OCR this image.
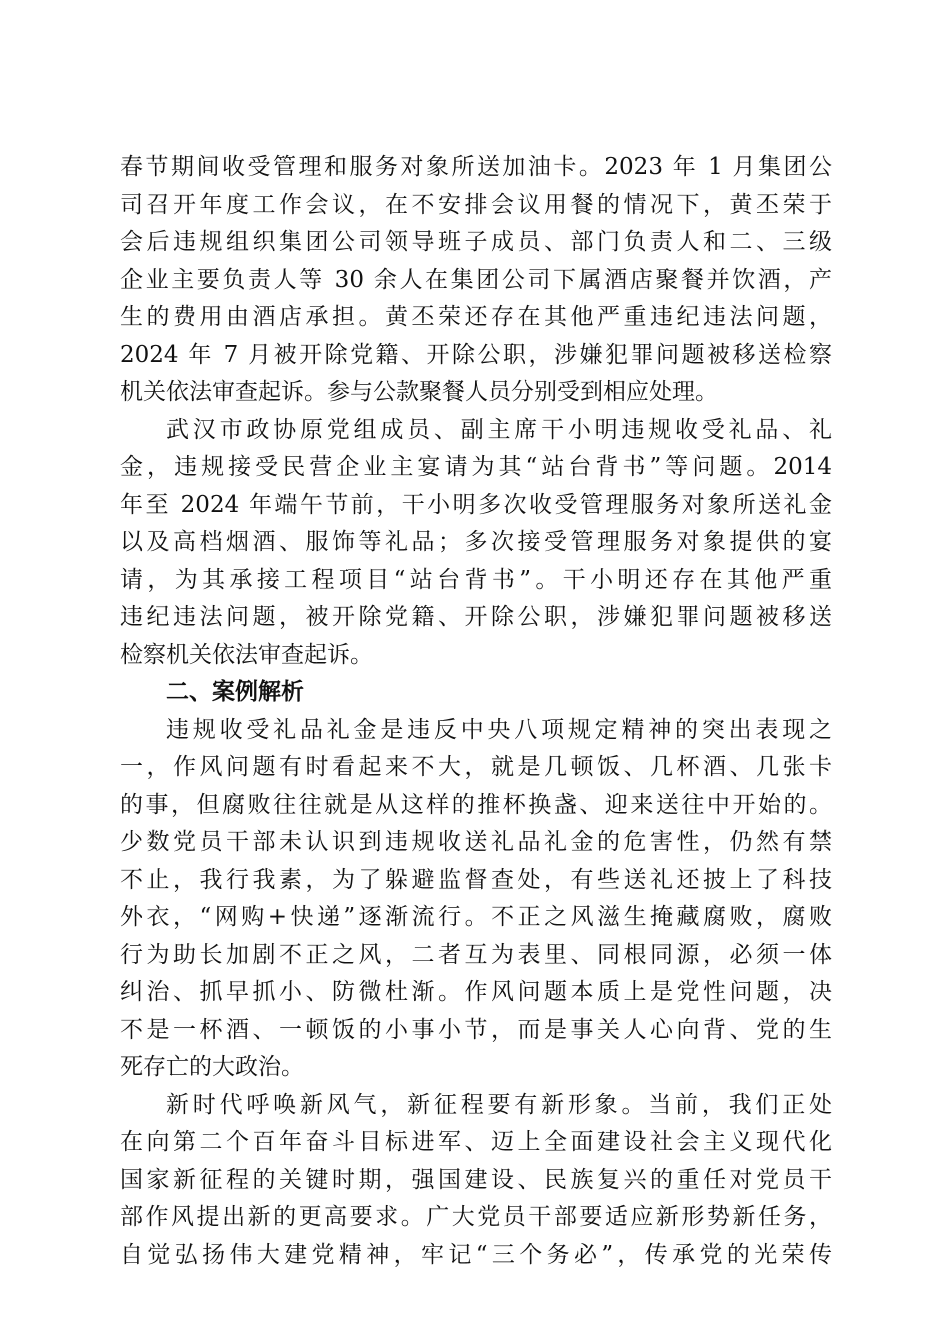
春节期间收受管理和服务对象所送加油卡。2023 年 1 月集团公
司召开年度工作会议，在不安排会议用餐的情况下，黄丕荣于
会后违规组织集团公司领导班子成员、部门负责人和二、三级
企业主要负责人等 30 余人在集团公司下属酒店聚餐并饮酒，产
生的费用由酒店承担。黄丕荣还存在其他严重违纪违法问题，
2024 年 7 月被开除党籍、开除公职，涉嫌犯罪问题被移送检察
机关依法审查起诉。参与公款聚餐人员分别受到相应处理。
武汉市政协原党组成员、副主席干小明违规收受礼品、礼
金，违规接受民营企业主宴请为其“站台背书”等问题。2014
年至 2024 年端午节前，干小明多次收受管理服务对象所送礼金
以及高档烟酒、服饰等礼品；多次接受管理服务对象提供的宴
请，为其承接工程项目“站台背书”。干小明还存在其他严重
违纪违法问题，被开除党籍、开除公职，涉嫌犯罪问题被移送
检察机关依法审查起诉。
二、案例解析
违规收受礼品礼金是违反中央八项规定精神的突出表现之
一，作风问题有时看起来不大，就是几顿饭、几杯酒、几张卡
的事，但腐败往往就是从这样的推杯换盏、迎来送往中开始的。
少数党员干部未认识到违规收送礼品礼金的危害性，仍然有禁
不止，我行我素，为了躲避监督查处，有些送礼还披上了科技
外衣，“网购+快递”逐渐流行。不正之风滋生掩藏腐败，腐败
行为助长加剧不正之风，二者互为表里、同根同源，必须一体
纠治、抓早抓小、防微杜渐。作风问题本质上是党性问题，决
不是一杯酒、一顿饭的小事小节，而是事关人心向背、党的生
死存亡的大政治。
新时代呼唤新风气，新征程要有新形象。当前，我们正处
在向第二个百年奋斗目标进军、迈上全面建设社会主义现代化
国家新征程的关键时期，强国建设、民族复兴的重任对党员干
部作风提出新的更高要求。广大党员干部要适应新形势新任务，
自觉弘扬伟大建党精神，牢记“三个务必”，传承党的光荣传
